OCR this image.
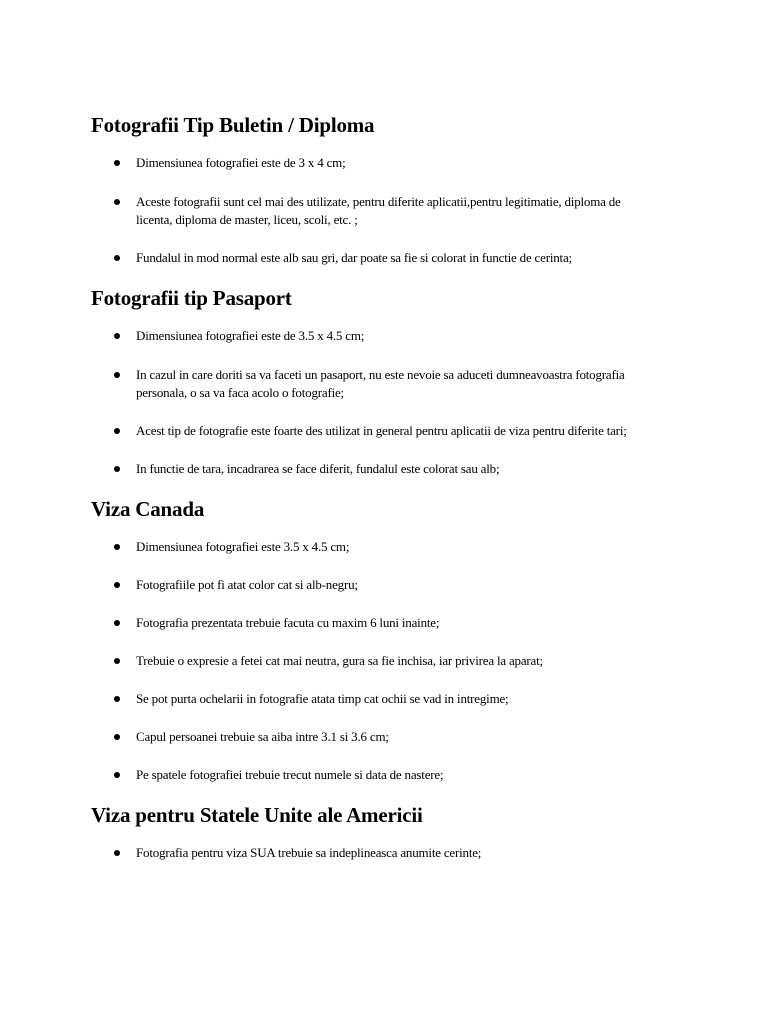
Fotografii Tip Buletin / Diploma
Dimensiunea fotografiei este de 3 x 4 cm;
Aceste fotografii sunt cel mai des utilizate, pentru diferite aplicatii,pentru legitimatie, diploma de licenta, diploma de master, liceu, scoli, etc. ;
Fundalul in mod normal este alb sau gri, dar poate sa fie si colorat in functie de cerinta;
Fotografii tip Pasaport
Dimensiunea fotografiei este de 3.5 x 4.5 cm;
In cazul in care doriti sa va faceti un pasaport, nu este nevoie sa aduceti dumneavoastra fotografia personala, o sa va faca acolo o fotografie;
Acest tip de fotografie este foarte des utilizat in general pentru aplicatii de viza pentru diferite tari;
In functie de tara, incadrarea se face diferit, fundalul este colorat sau alb;
Viza Canada
Dimensiunea fotografiei este 3.5 x 4.5 cm;
Fotografiile pot fi atat color cat si alb-negru;
Fotografia prezentata trebuie facuta cu maxim 6 luni inainte;
Trebuie o expresie a fetei cat mai neutra, gura sa fie inchisa, iar privirea la aparat;
Se pot purta ochelarii in fotografie atata timp cat ochii se vad in intregime;
Capul persoanei trebuie sa aiba intre 3.1 si 3.6 cm;
Pe spatele fotografiei trebuie trecut numele si data de nastere;
Viza pentru Statele Unite ale Americii
Fotografia pentru viza SUA trebuie sa indeplineasca anumite cerinte;
